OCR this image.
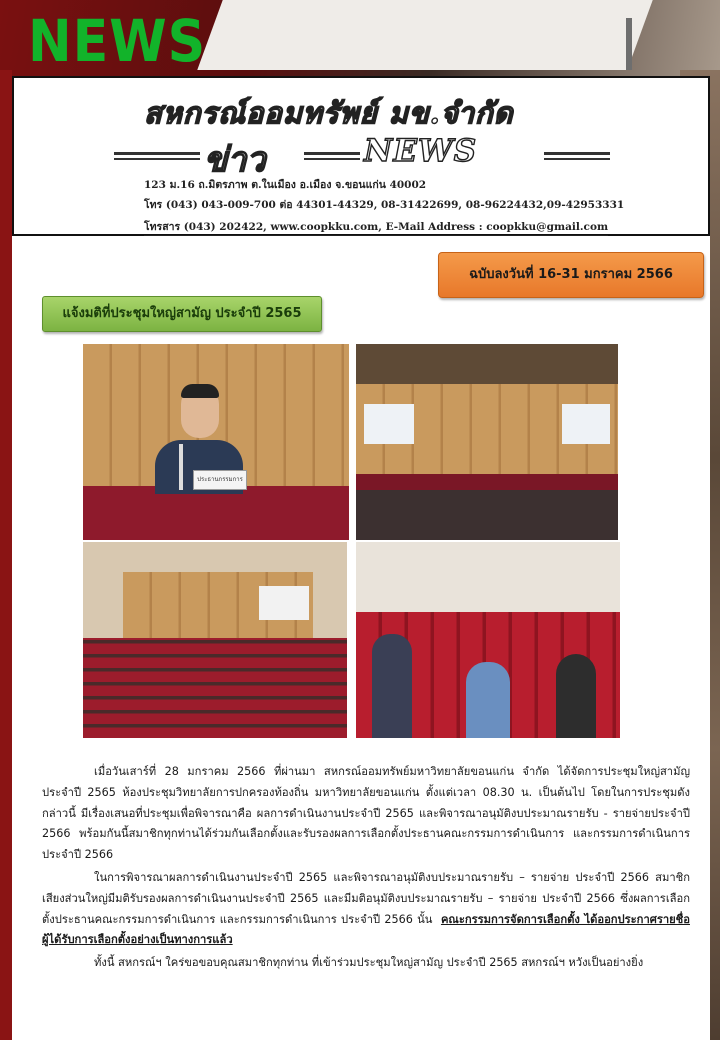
NEWS
สหกรณ์ออมทรัพย์ มข.จำกัด
ข่าว	NEWS
123 ม.16 ถ.มิตรภาพ ต.ในเมือง อ.เมือง จ.ขอนแก่น 40002
โทร (043) 043-009-700 ต่อ 44301-44329, 08-31422699, 08-96224432,09-42953331
โทรสาร (043) 202422, www.coopkku.com, E-Mail Address : coopkku@gmail.com
ฉบับลงวันที่ 16-31 มกราคม 2566
แจ้งมติที่ประชุมใหญ่สามัญ ประจำปี 2565
ประธานกรรมการ

เมื่อวันเสาร์ที่ 28 มกราคม 2566 ที่ผ่านมา สหกรณ์ออมทรัพย์มหาวิทยาลัยขอนแก่น จำกัด ได้จัดการประชุมใหญ่สามัญ ประจำปี 2565 ห้องประชุมวิทยาลัยการปกครองท้องถิ่น มหาวิทยาลัยขอนแก่น ตั้งแต่เวลา 08.30 น. เป็นต้นไป โดยในการประชุมดังกล่าวนี้ มีเรื่องเสนอที่ประชุมเพื่อพิจารณาคือ ผลการดำเนินงานประจำปี 2565 และพิจารณาอนุมัติงบประมาณรายรับ - รายจ่ายประจำปี 2566 พร้อมกันนี้สมาชิกทุกท่านได้ร่วมกันเลือกตั้งและรับรองผลการเลือกตั้งประธานคณะกรรมการดำเนินการ และกรรมการดำเนินการ ประจำปี 2566

ในการพิจารณาผลการดำเนินงานประจำปี 2565 และพิจารณาอนุมัติงบประมาณรายรับ – รายจ่าย ประจำปี 2566 สมาชิกเสียงส่วนใหญ่มีมติรับรองผลการดำเนินงานประจำปี 2565 และมีมติอนุมัติงบประมาณรายรับ – รายจ่าย ประจำปี 2566 ซึ่งผลการเลือกตั้งประธานคณะกรรมการดำเนินการ และกรรมการดำเนินการ ประจำปี 2566 นั้น คณะกรรมการจัดการเลือกตั้ง ได้ออกประกาศรายชื่อผู้ได้รับการเลือกตั้งอย่างเป็นทางการแล้ว

ทั้งนี้ สหกรณ์ฯ ใคร่ขอขอบคุณสมาชิกทุกท่าน ที่เข้าร่วมประชุมใหญ่สามัญ ประจำปี 2565 สหกรณ์ฯ หวังเป็นอย่างยิ่ง
